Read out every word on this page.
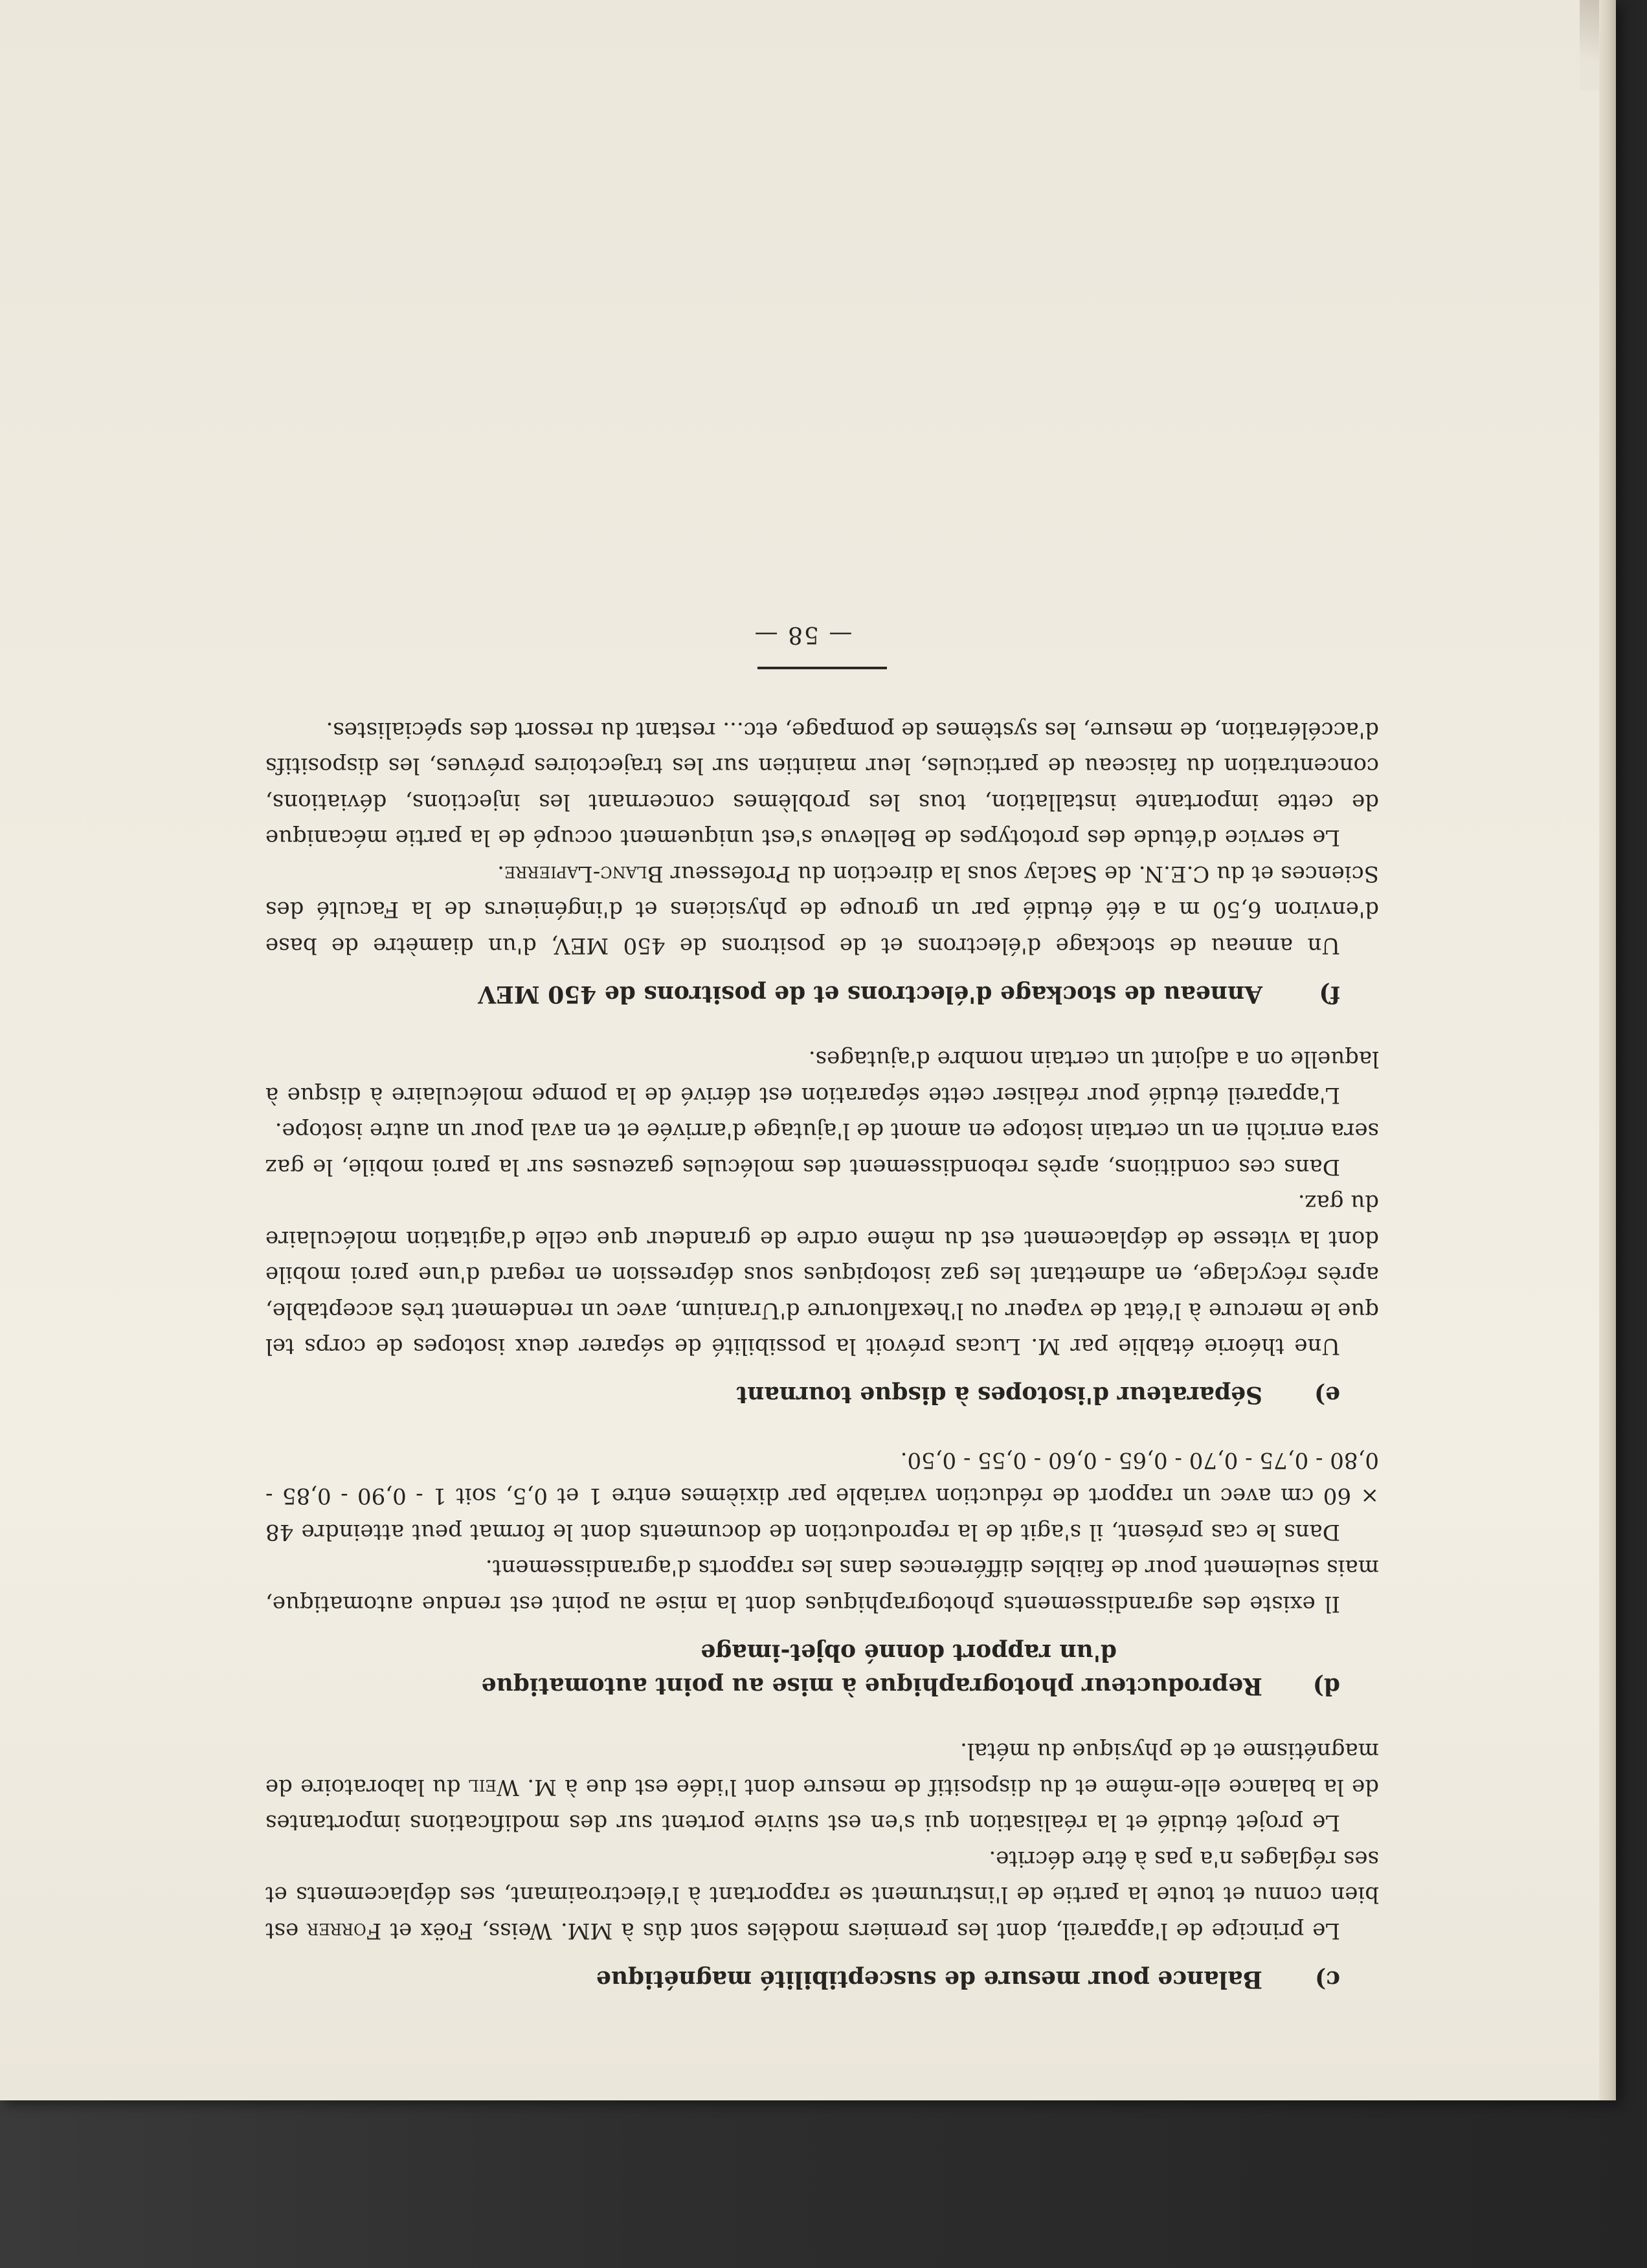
c)Balance pour mesure de susceptibilité magnétique

Le principe de l'appareil, dont les premiers modèles sont dûs à MM. Weiss, Foëx et Forrer est bien connu et toute la partie de l'instrument se rapportant à l'électroaimant, ses déplacements et ses réglages n'a pas à être décrite.

Le projet étudié et la réalisation qui s'en est suivie portent sur des modifications importantes de la balance elle-même et du dispositif de mesure dont l'idée est due à M. Weil du laboratoire de magnétisme et de physique du métal.

d)Reproducteur photographique à mise au point automatique
d'un rapport donné objet-image

Il existe des agrandissements photographiques dont la mise au point est rendue automatique, mais seulement pour de faibles différences dans les rapports d'agrandissement.

Dans le cas présent, il s'agit de la reproduction de documents dont le format peut atteindre 48 × 60 cm avec un rapport de réduction variable par dixièmes entre 1 et 0,5, soit 1 - 0,90 - 0,85 - 0,80 - 0,75 - 0,70 - 0,65 - 0,60 - 0,55 - 0,50.

e)Séparateur d'isotopes à disque tournant

Une théorie établie par M. Lucas prévoit la possibilité de séparer deux isotopes de corps tel que le mercure à l'état de vapeur ou l'hexafluorure d'Uranium, avec un rendement très acceptable, après récyclage, en admettant les gaz isotopiques sous dépression en regard d'une paroi mobile dont la vitesse de déplacement est du même ordre de grandeur que celle d'agitation moléculaire du gaz.

Dans ces conditions, après rebondissement des molécules gazeuses sur la paroi mobile, le gaz sera enrichi en un certain isotope en amont de l'ajutage d'arrivée et en aval pour un autre isotope.

L'appareil étudié pour réaliser cette séparation est dérivé de la pompe moléculaire à disque à laquelle on a adjoint un certain nombre d'ajutages.

f)Anneau de stockage d'électrons et de positrons de 450 MEV

Un anneau de stockage d'électrons et de positrons de 450 MEV, d'un diamètre de base d'environ 6,50 m a été étudié par un groupe de physiciens et d'ingénieurs de la Faculté des Sciences et du C.E.N. de Saclay sous la direction du Professeur Blanc-Lapierre.

Le service d'étude des prototypes de Bellevue s'est uniquement occupé de la partie mécanique de cette importante installation, tous les problèmes concernant les injections, déviations, concentration du faisceau de particules, leur maintien sur les trajectoires prévues, les dispositifs d'accélération, de mesure, les systèmes de pompage, etc... restant du ressort des spécialistes.

— 58 —
